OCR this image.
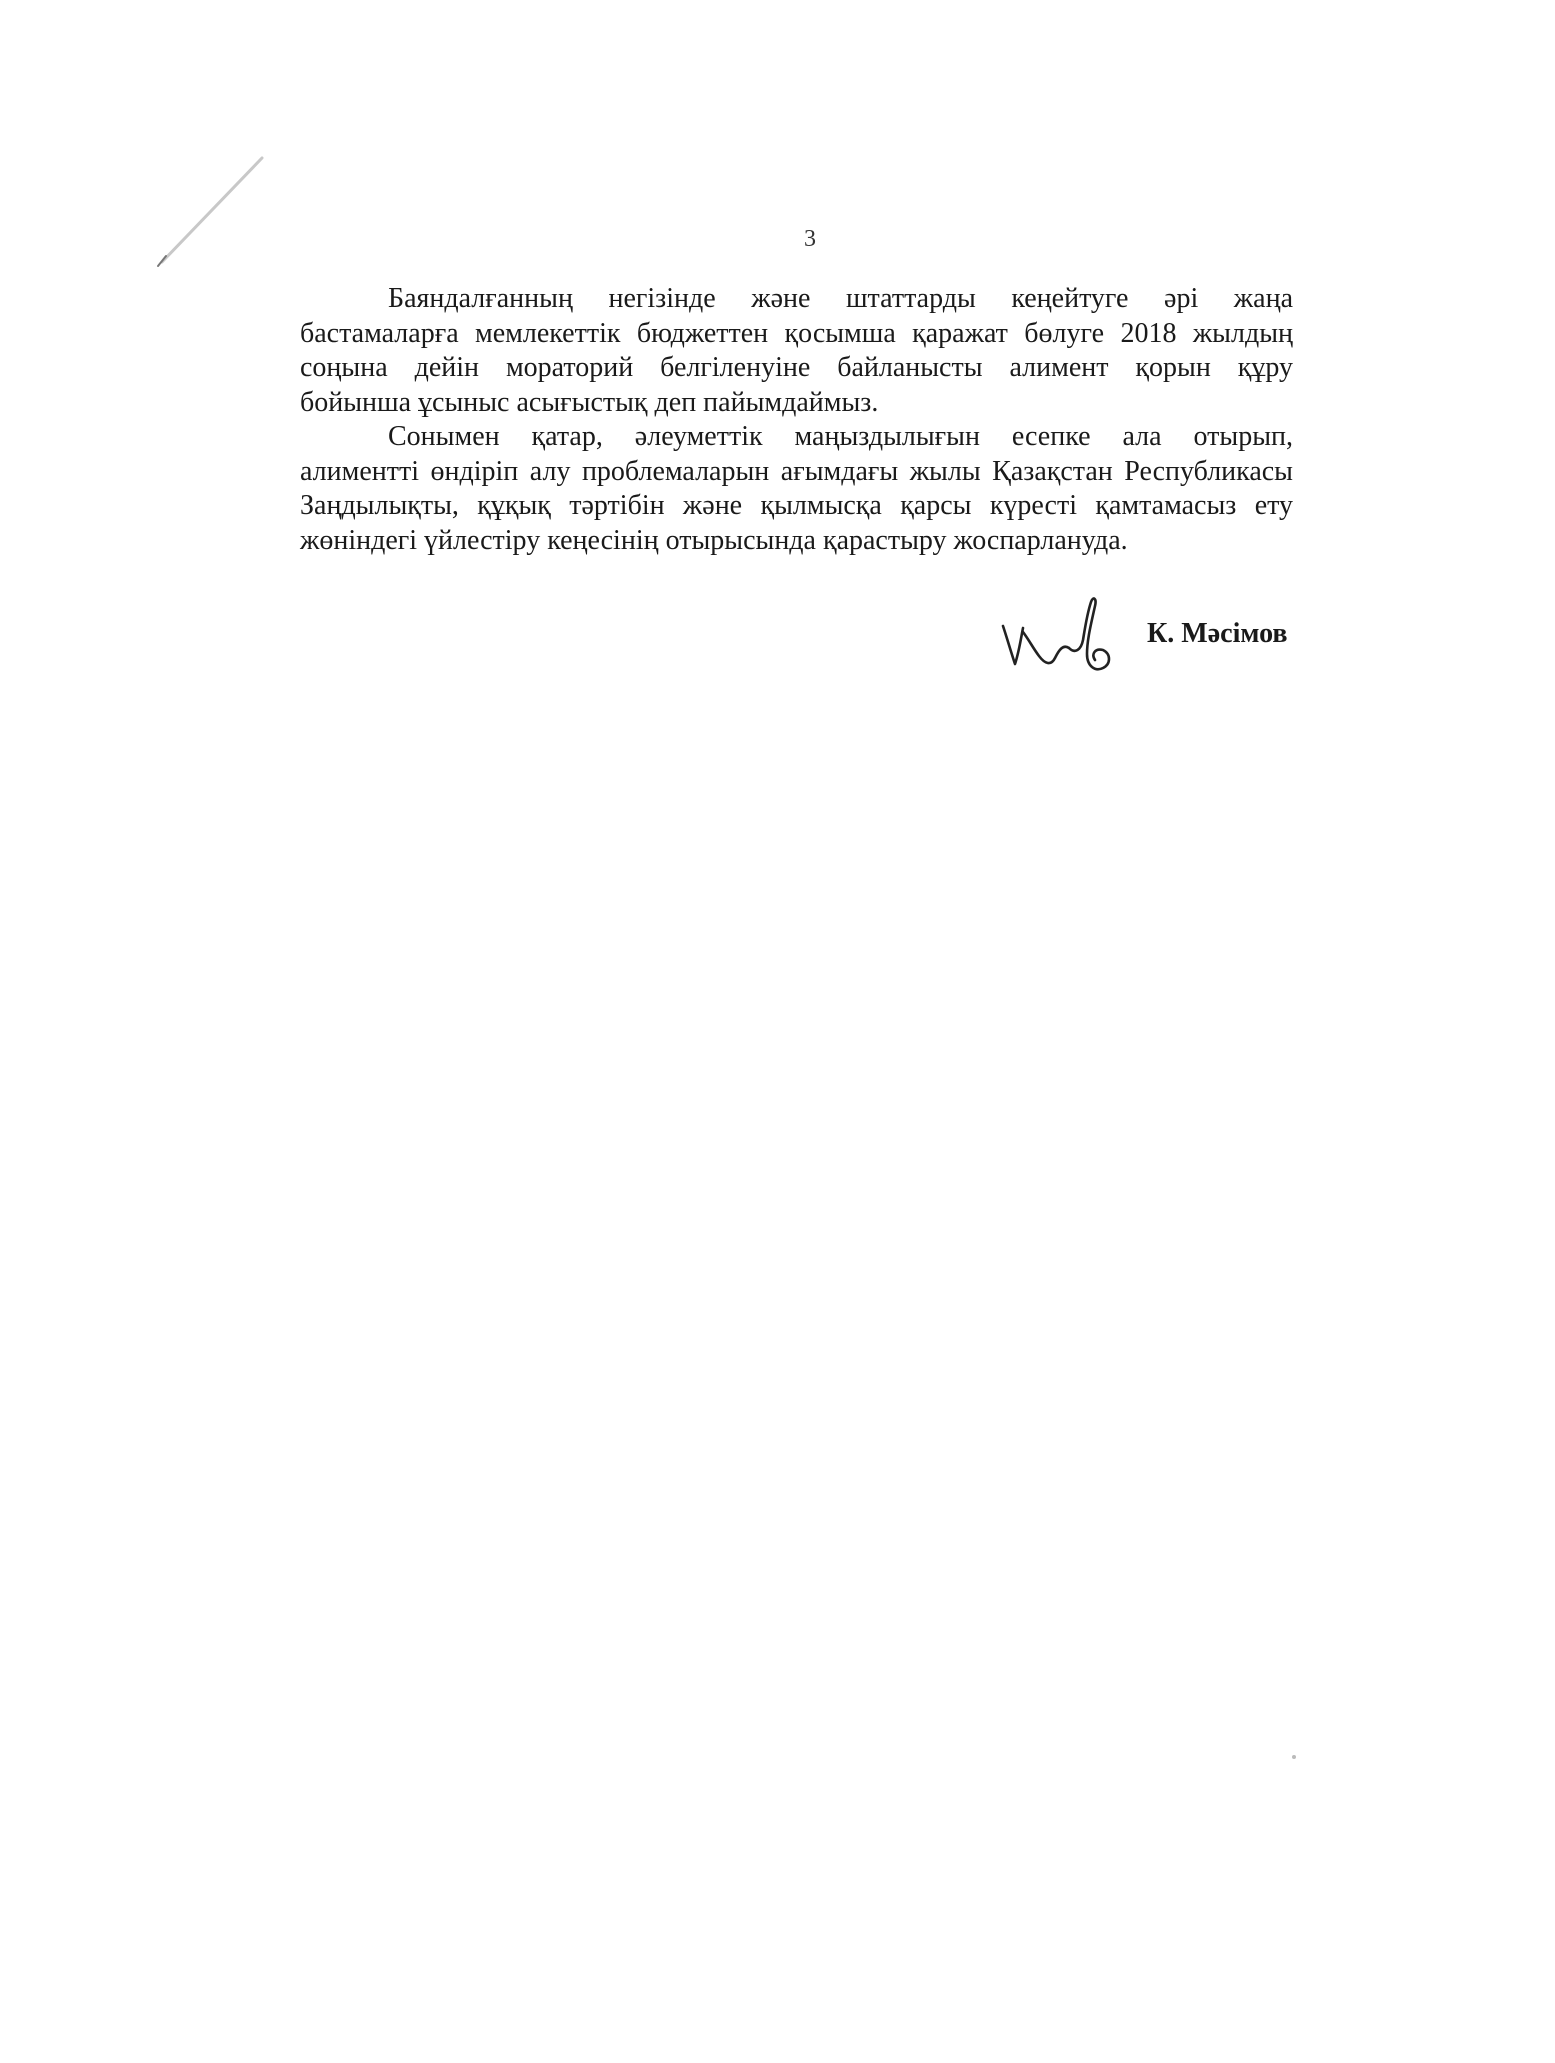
3

Баяндалғанның негізінде және штаттарды кеңейтуге әрі жаңа
бастамаларға мемлекеттік бюджеттен қосымша қаражат бөлуге 2018 жылдың
соңына дейін мораторий белгіленуіне байланысты алимент қорын құру
бойынша ұсыныс асығыстық деп пайымдаймыз.

Сонымен қатар, әлеуметтік маңыздылығын есепке ала отырып,
алиментті өндіріп алу проблемаларын ағымдағы жылы Қазақстан Республикасы
Заңдылықты, құқық тәртібін және қылмысқа қарсы күресті қамтамасыз ету
жөніндегі үйлестіру кеңесінің отырысында қарастыру жоспарлануда.

К. Мәсімов
